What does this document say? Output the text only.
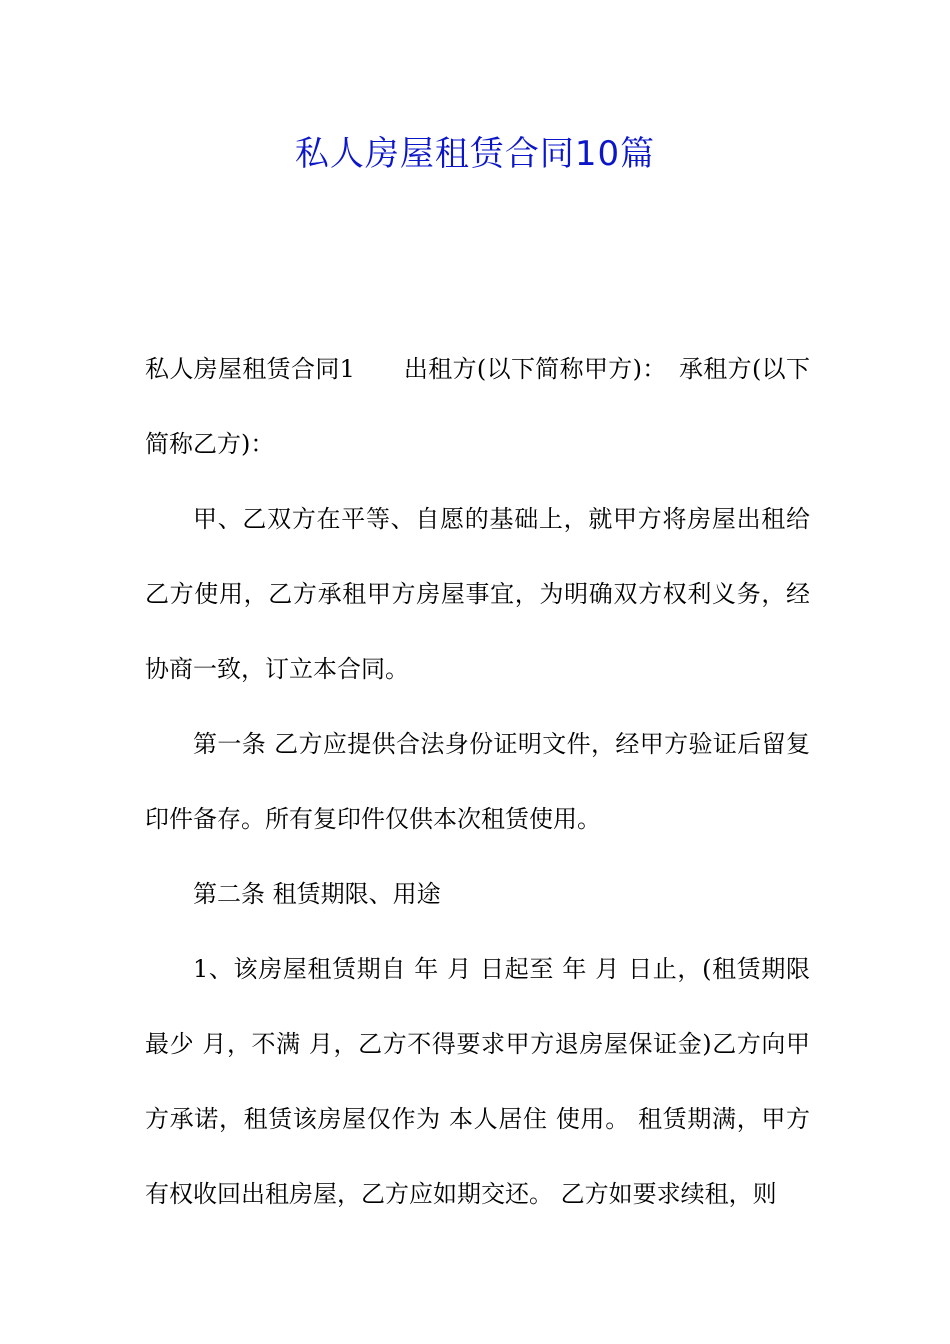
私人房屋租赁合同10篇

私人房屋租赁合同1　　出租方(以下简称甲方)：　承租方(以下简称乙方)：

甲、乙双方在平等、自愿的基础上，就甲方将房屋出租给乙方使用，乙方承租甲方房屋事宜，为明确双方权利义务，经协商一致，订立本合同。

第一条 乙方应提供合法身份证明文件，经甲方验证后留复印件备存。所有复印件仅供本次租赁使用。

第二条 租赁期限、用途

1、该房屋租赁期自 年 月 日起至 年 月 日止，(租赁期限最少 月，不满 月，乙方不得要求甲方退房屋保证金)乙方向甲方承诺，租赁该房屋仅作为 本人居住 使用。 租赁期满，甲方有权收回出租房屋，乙方应如期交还。 乙方如要求续租，则
